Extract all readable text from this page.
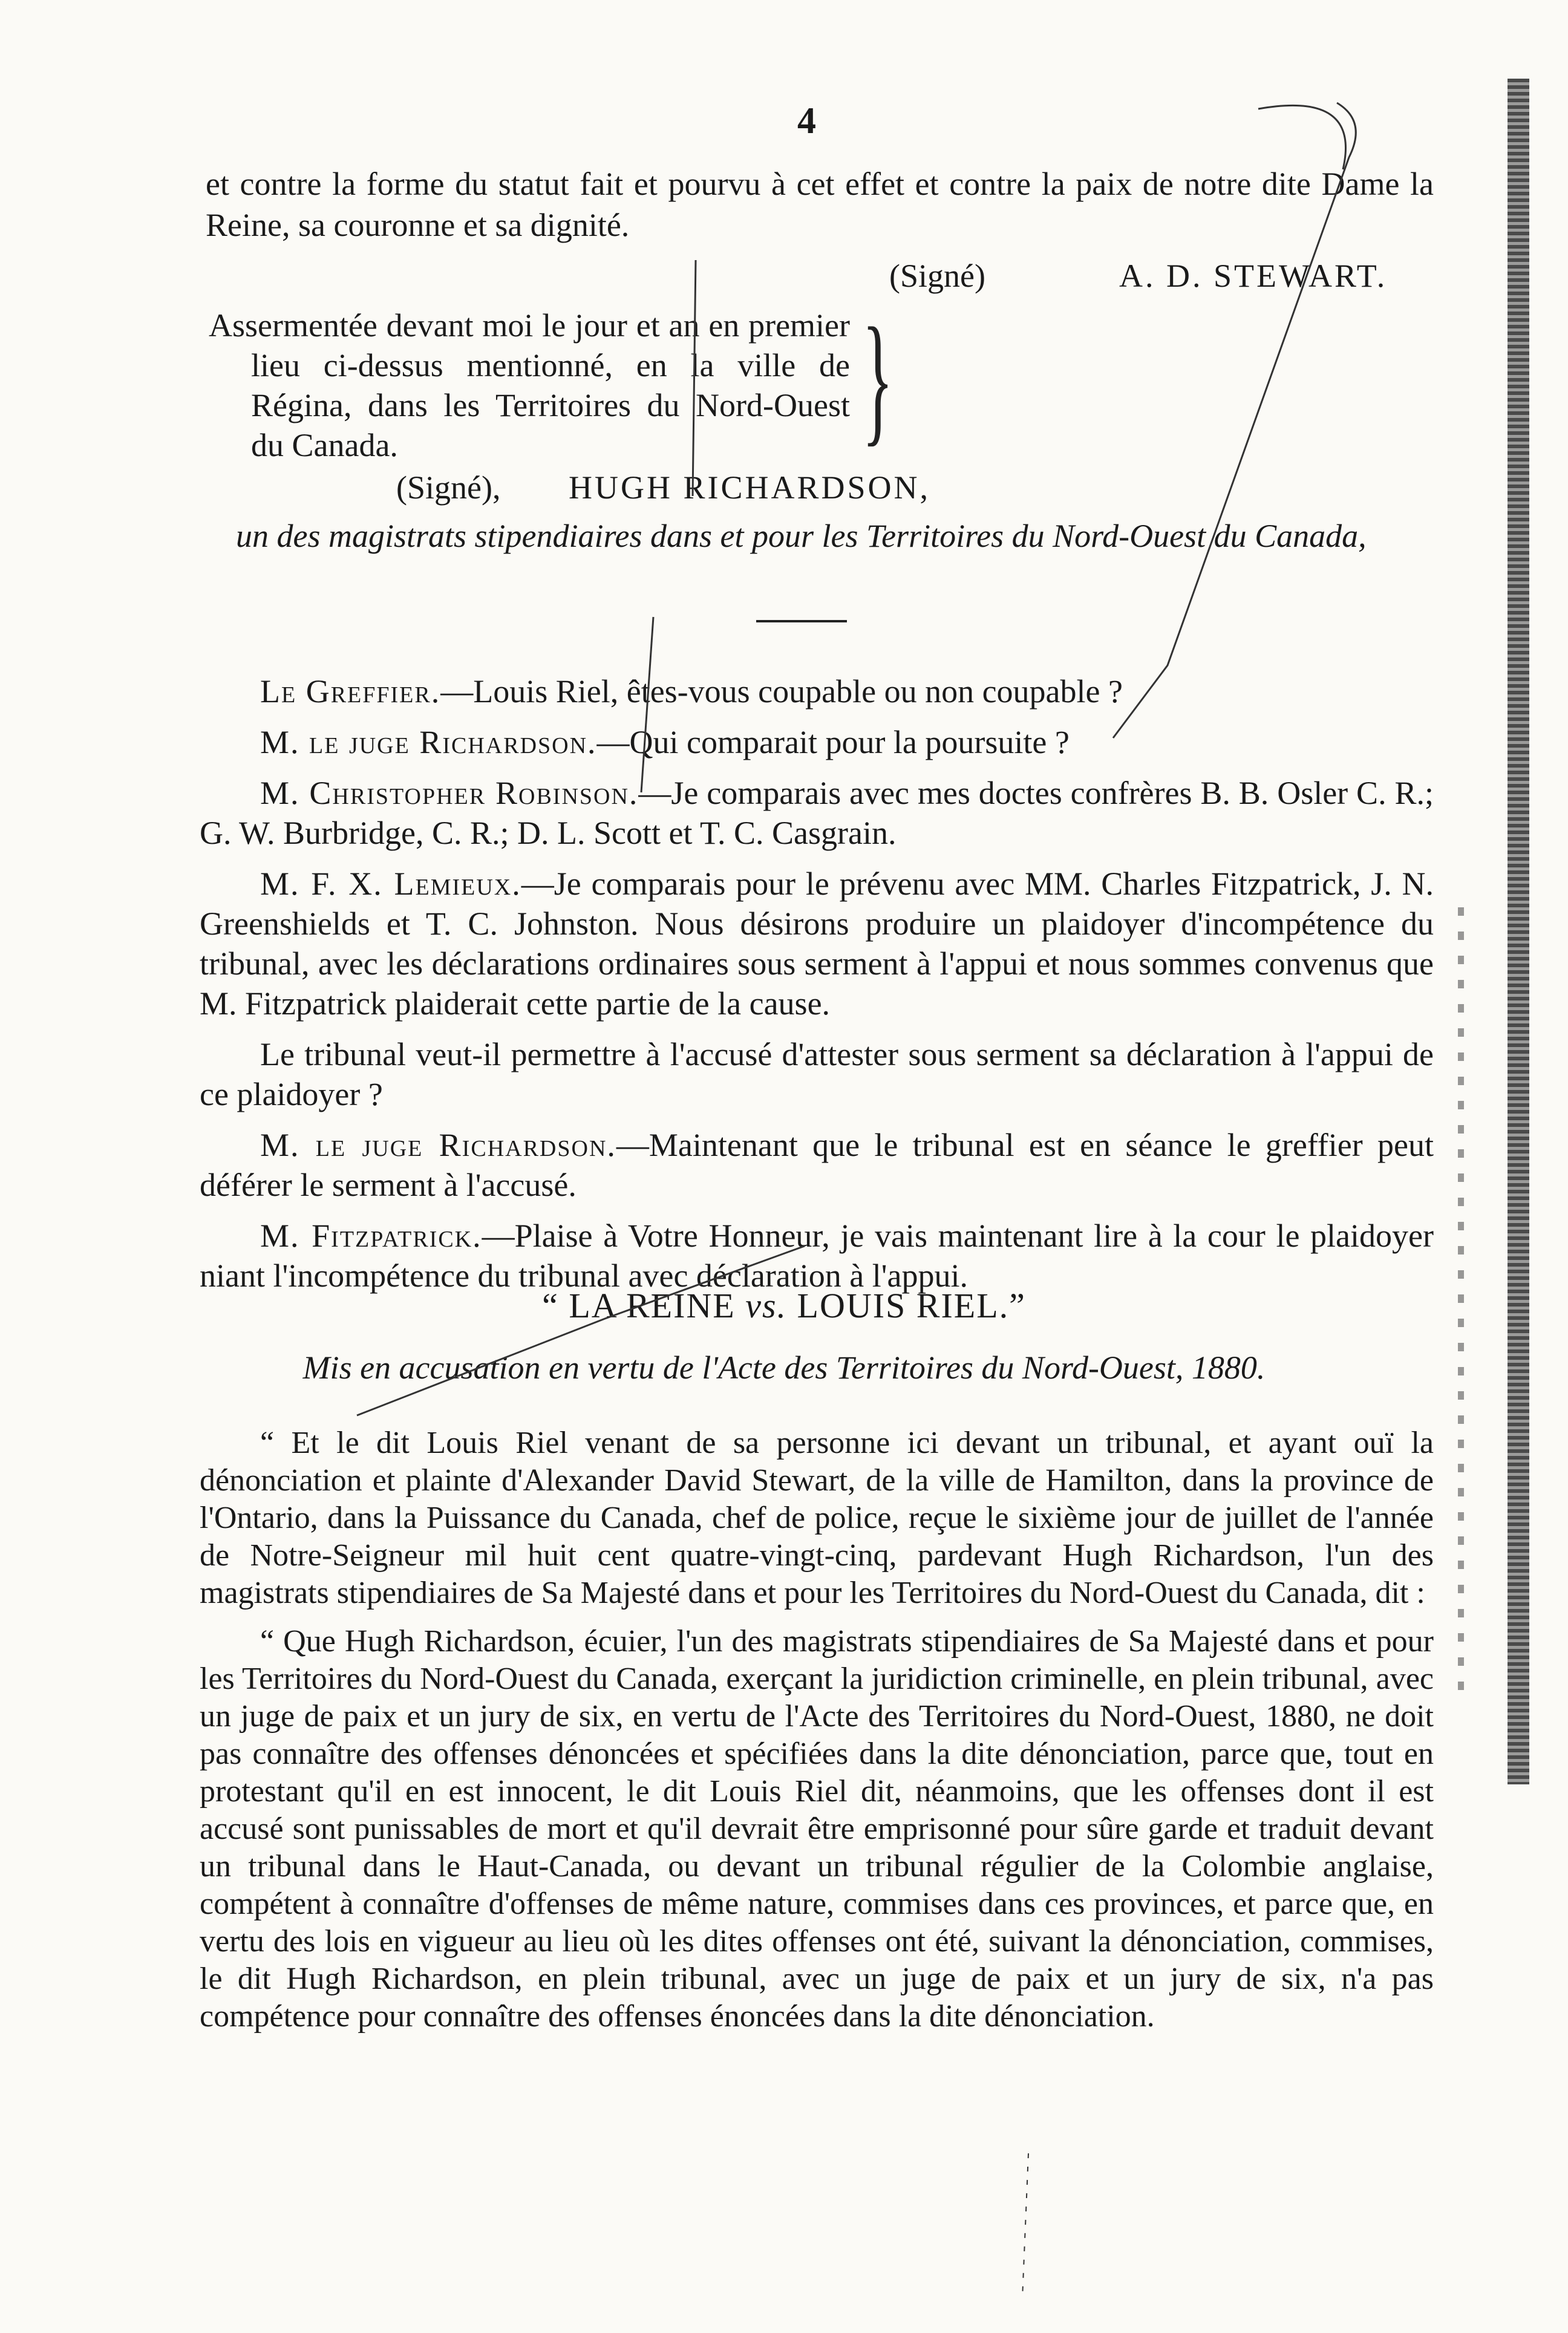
4
et contre la forme du statut fait et pourvu à cet effet et contre la paix de notre dite Dame la Reine, sa couronne et sa dignité.
(Signé)	A. D. STEWART.
Assermentée devant moi le jour et an en premier
lieu ci-dessus mentionné, en la ville de
Régina, dans les Territoires du Nord-Ouest
du Canada.	}
(Signé), HUGH RICHARDSON,
un des magistrats stipendiaires dans et pour les Territoires du Nord-Ouest du Canada,

Le Greffier.—Louis Riel, êtes-vous coupable ou non coupable ?

M. le juge Richardson.—Qui comparait pour la poursuite ?

M. Christopher Robinson.—Je comparais avec mes doctes confrères B. B. Osler C. R.; G. W. Burbridge, C. R.; D. L. Scott et T. C. Casgrain.

M. F. X. Lemieux.—Je comparais pour le prévenu avec MM. Charles Fitzpatrick, J. N. Greenshields et T. C. Johnston. Nous désirons produire un plaidoyer d'incompétence du tribunal, avec les déclarations ordinaires sous serment à l'appui et nous sommes convenus que M. Fitzpatrick plaiderait cette partie de la cause.

Le tribunal veut-il permettre à l'accusé d'attester sous serment sa déclaration à l'appui de ce plaidoyer ?

M. le juge Richardson.—Maintenant que le tribunal est en séance le greffier peut déférer le serment à l'accusé.

M. Fitzpatrick.—Plaise à Votre Honneur, je vais maintenant lire à la cour le plaidoyer niant l'incompétence du tribunal avec déclaration à l'appui.

“ LA REINE vs. LOUIS RIEL.”
Mis en accusation en vertu de l'Acte des Territoires du Nord-Ouest, 1880.

“ Et le dit Louis Riel venant de sa personne ici devant un tribunal, et ayant ouï la dénonciation et plainte d'Alexander David Stewart, de la ville de Hamilton, dans la province de l'Ontario, dans la Puissance du Canada, chef de police, reçue le sixième jour de juillet de l'année de Notre-Seigneur mil huit cent quatre-vingt-cinq, pardevant Hugh Richardson, l'un des magistrats stipendiaires de Sa Majesté dans et pour les Territoires du Nord-Ouest du Canada, dit :

“ Que Hugh Richardson, écuier, l'un des magistrats stipendiaires de Sa Majesté dans et pour les Territoires du Nord-Ouest du Canada, exerçant la juridiction criminelle, en plein tribunal, avec un juge de paix et un jury de six, en vertu de l'Acte des Territoires du Nord-Ouest, 1880, ne doit pas connaître des offenses dénoncées et spécifiées dans la dite dénonciation, parce que, tout en protestant qu'il en est innocent, le dit Louis Riel dit, néanmoins, que les offenses dont il est accusé sont punissables de mort et qu'il devrait être emprisonné pour sûre garde et traduit devant un tribunal dans le Haut-Canada, ou devant un tribunal régulier de la Colombie anglaise, compétent à connaître d'offenses de même nature, commises dans ces provinces, et parce que, en vertu des lois en vigueur au lieu où les dites offenses ont été, suivant la dénonciation, commises, le dit Hugh Richardson, en plein tribunal, avec un juge de paix et un jury de six, n'a pas compétence pour connaître des offenses énoncées dans la dite dénonciation.
